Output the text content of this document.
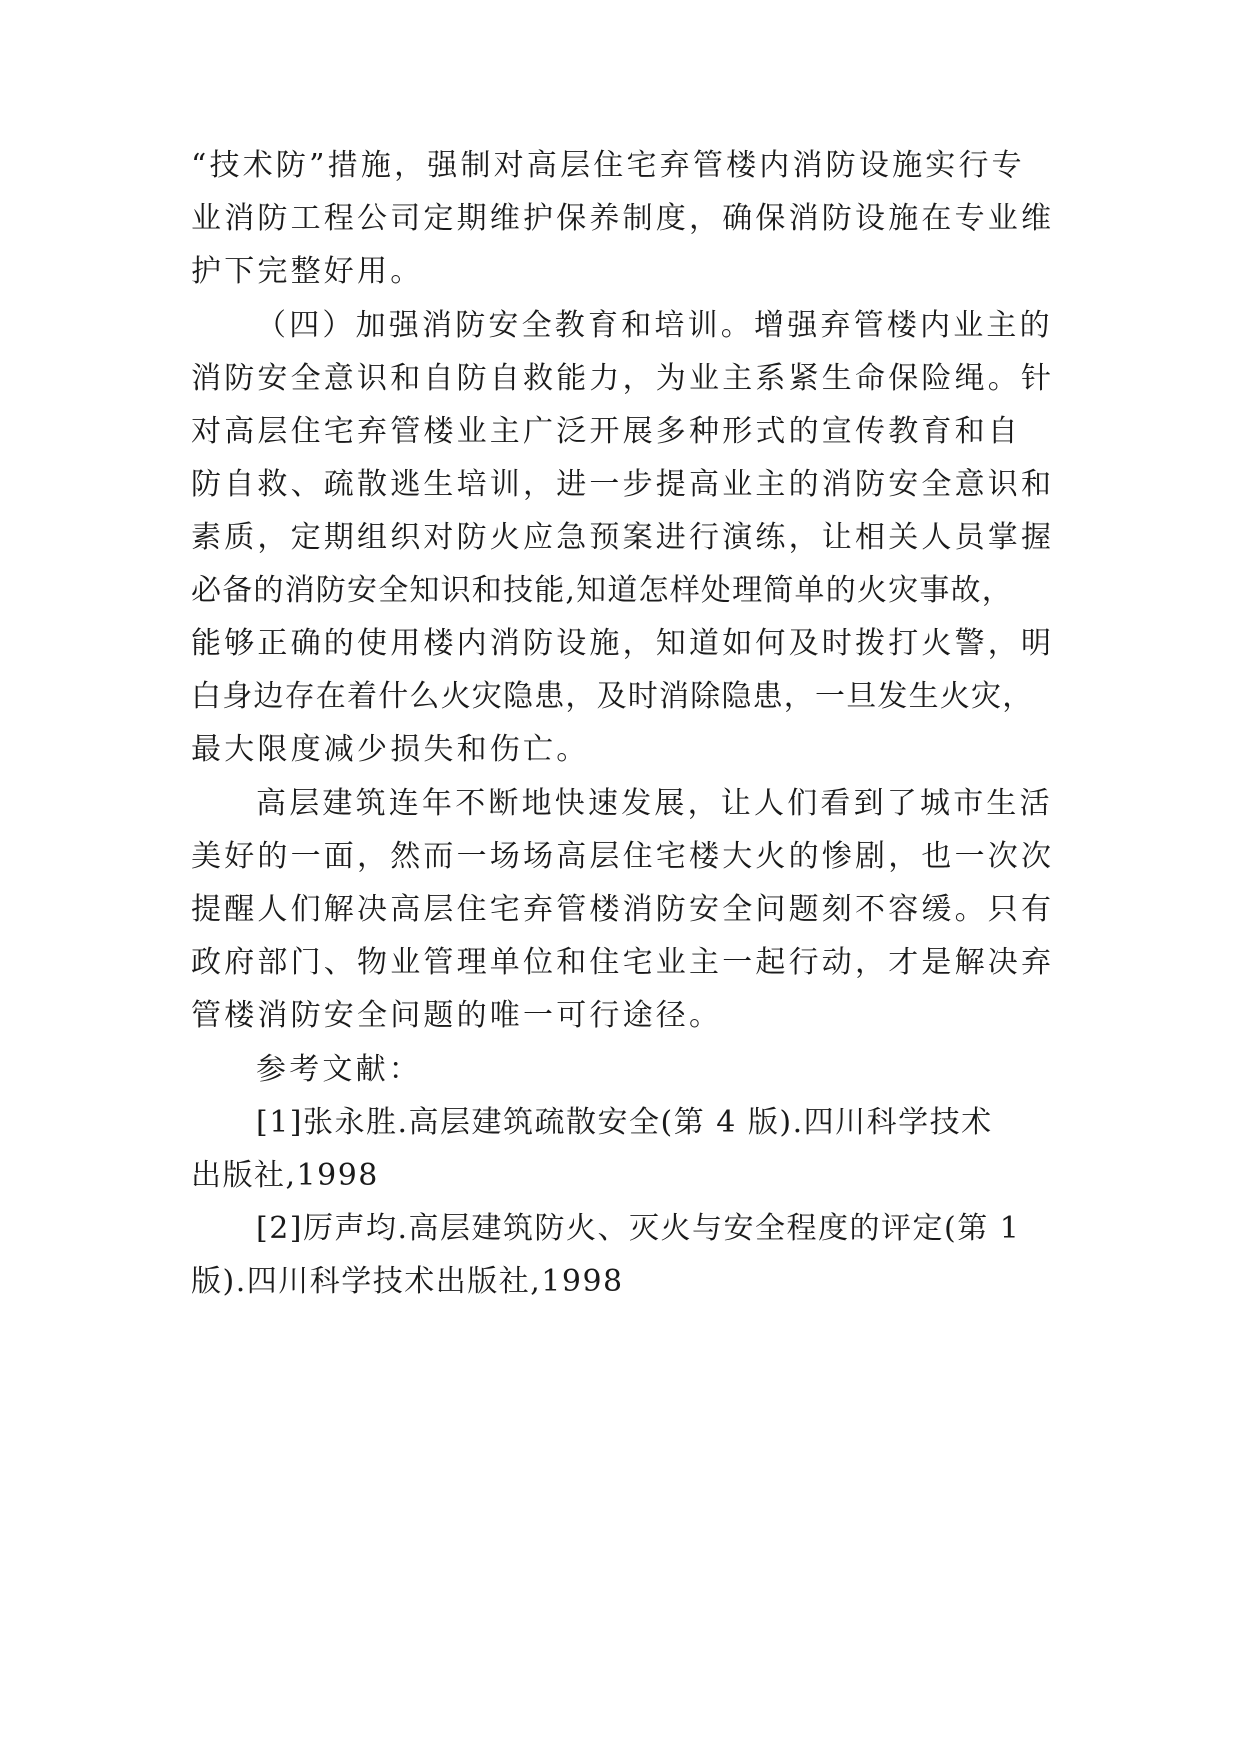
“技术防”措施，强制对高层住宅弃管楼内消防设施实行专
业消防工程公司定期维护保养制度，确保消防设施在专业维
护下完整好用。
（四）加强消防安全教育和培训。增强弃管楼内业主的
消防安全意识和自防自救能力，为业主系紧生命保险绳。针
对高层住宅弃管楼业主广泛开展多种形式的宣传教育和自
防自救、疏散逃生培训，进一步提高业主的消防安全意识和
素质，定期组织对防火应急预案进行演练，让相关人员掌握
必备的消防安全知识和技能,知道怎样处理简单的火灾事故，
能够正确的使用楼内消防设施，知道如何及时拨打火警，明
白身边存在着什么火灾隐患，及时消除隐患，一旦发生火灾，
最大限度减少损失和伤亡。
高层建筑连年不断地快速发展，让人们看到了城市生活
美好的一面，然而一场场高层住宅楼大火的惨剧，也一次次
提醒人们解决高层住宅弃管楼消防安全问题刻不容缓。只有
政府部门、物业管理单位和住宅业主一起行动，才是解决弃
管楼消防安全问题的唯一可行途径。
参考文献：
[1]张永胜.高层建筑疏散安全(第 4 版).四川科学技术
出版社,1998
[2]厉声均.高层建筑防火、灭火与安全程度的评定(第 1
版).四川科学技术出版社,1998
